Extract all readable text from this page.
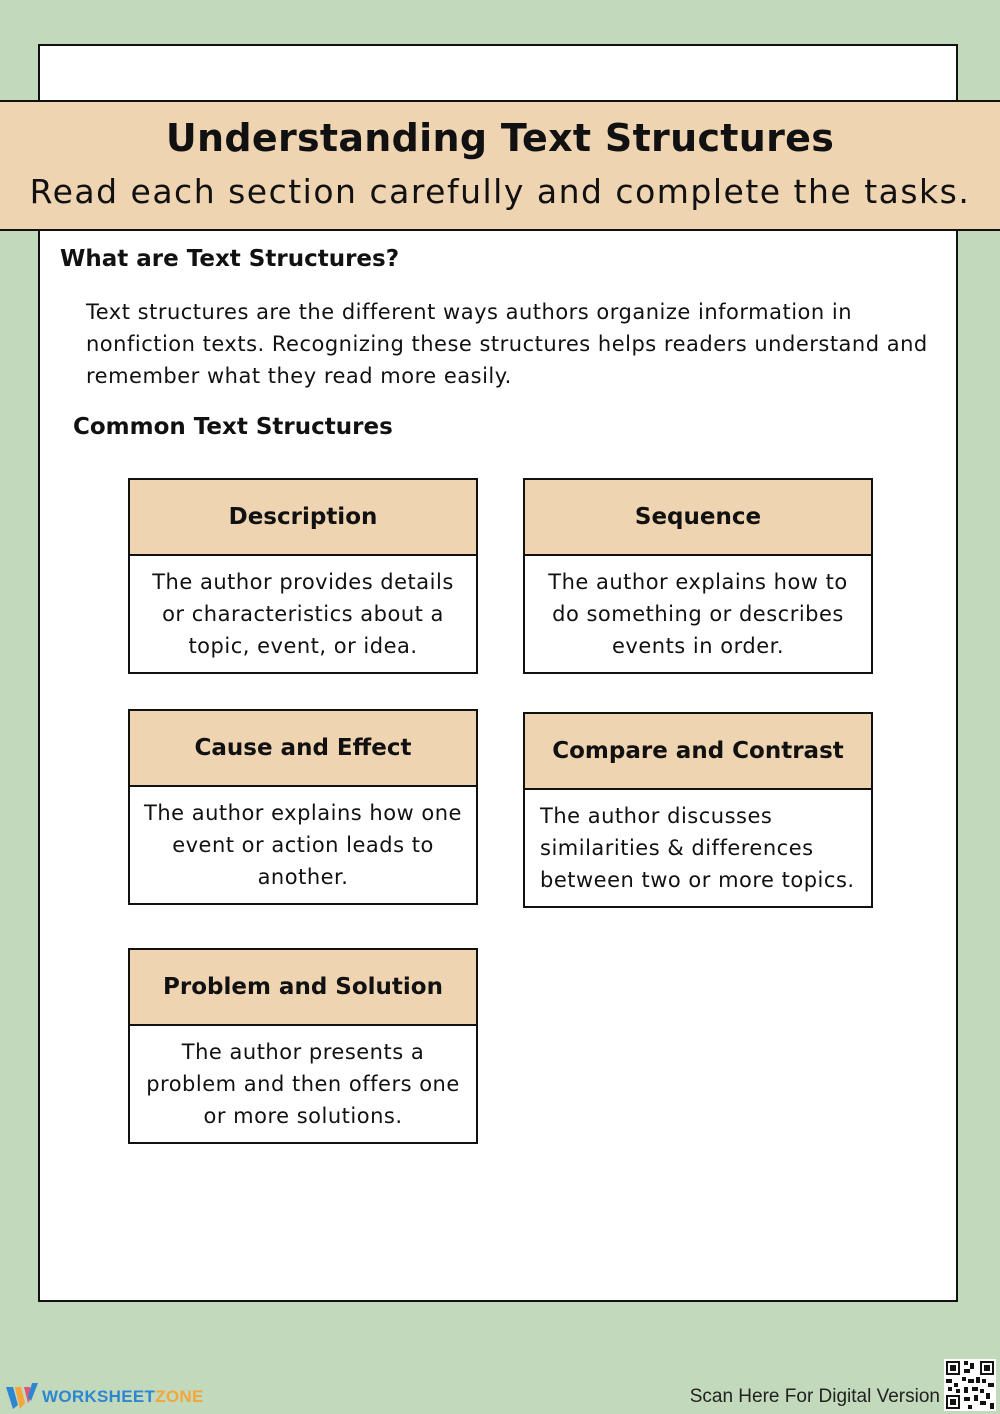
Understanding Text Structures
Read each section carefully and complete the tasks.
What are Text Structures?
Text structures are the different ways authors organize information in nonfiction texts. Recognizing these structures helps readers understand and remember what they read more easily.
Common Text Structures
Description
The author provides details or characteristics about a topic, event, or idea.
Sequence
The author explains how to do something or describes events in order.
Cause and Effect
The author explains how one event or action leads to another.
Compare and Contrast
The author discusses similarities & differences between two or more topics.
Problem and Solution
The author presents a problem and then offers one or more solutions.
WORKSHEETZONE	Scan Here For Digital Version
